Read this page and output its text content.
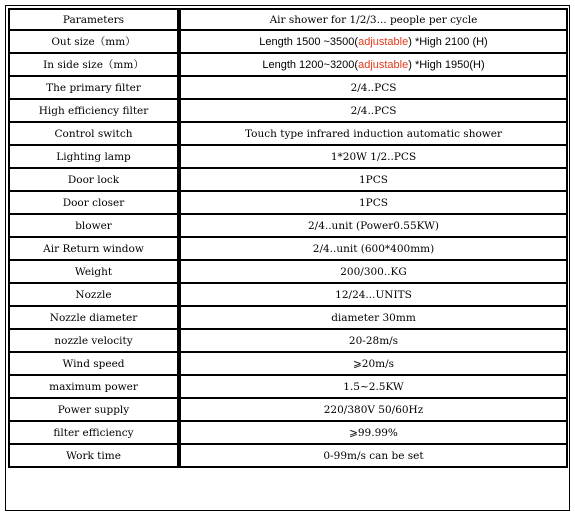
Parameters	Air shower for 1/2/3... people per cycle
Out size（mm）	Length 1500 ~3500(adjustable) *High 2100 (H)
In side size（mm）	Length 1200~3200(adjustable) *High 1950(H)
The primary filter	2/4..PCS
High efficiency filter	2/4..PCS
Control switch	Touch type infrared induction automatic shower
Lighting lamp	1*20W 1/2..PCS
Door lock	1PCS
Door closer	1PCS
blower	2/4..unit (Power0.55KW)
Air Return window	2/4..unit (600*400mm)
Weight	200/300..KG
Nozzle	12/24...UNITS
Nozzle diameter	diameter 30mm
nozzle velocity	20-28m/s
Wind speed	⩾20m/s
maximum power	1.5~2.5KW
Power supply	220/380V 50/60Hz
filter efficiency	⩾99.99%
Work time	0-99m/s can be set
